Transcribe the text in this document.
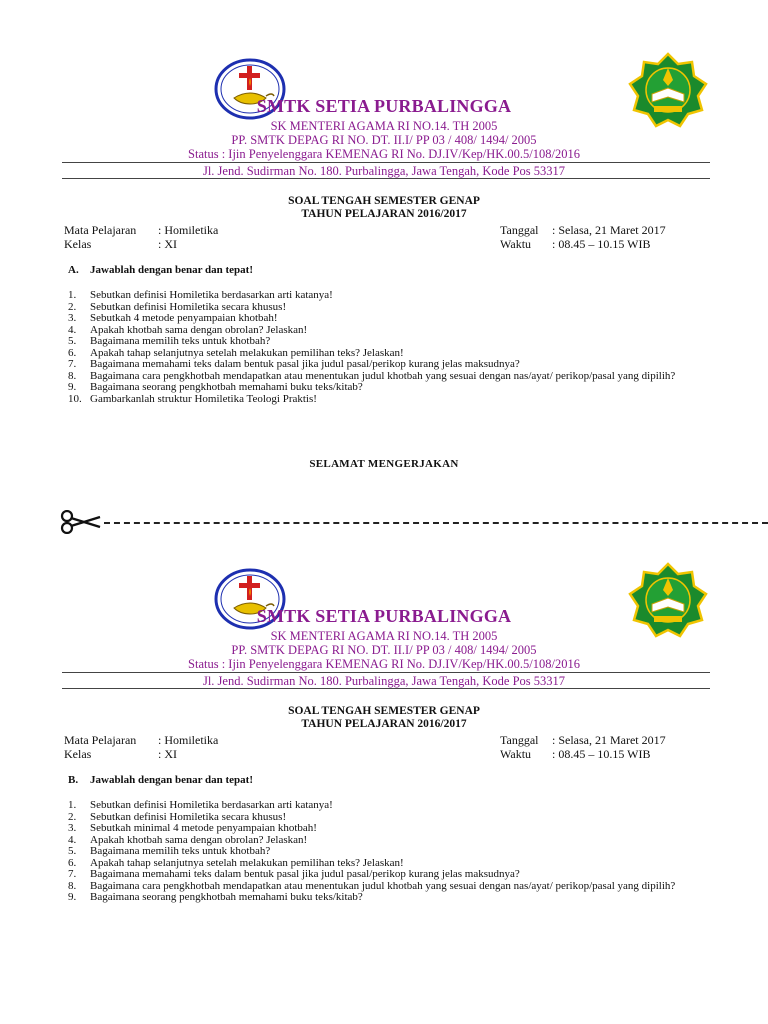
SMTK SETIA PURBALINGGA
SK MENTERI AGAMA RI NO.14. TH 2005
PP. SMTK DEPAG RI NO. DT. II.I/ PP 03 / 408/ 1494/ 2005
Status : Ijin Penyelenggara KEMENAG RI No. DJ.IV/Kep/HK.00.5/108/2016
Jl. Jend. Sudirman No. 180. Purbalingga, Jawa Tengah, Kode Pos 53317
SOAL TENGAH SEMESTER GENAP
TAHUN PELAJARAN 2016/2017
Mata Pelajaran : Homiletika
Kelas	: XI
Tanggal : Selasa, 21 Maret 2017
Waktu : 08.45 – 10.15 WIB
A. Jawablah dengan benar dan tepat!
1.	Sebutkan definisi Homiletika berdasarkan arti katanya!
2.	Sebutkan definisi Homiletika secara khusus!
3.	Sebutkah 4 metode penyampaian khotbah!
4.	Apakah khotbah sama dengan obrolan? Jelaskan!
5.	Bagaimana memilih teks untuk khotbah?
6.	Apakah tahap selanjutnya setelah melakukan pemilihan teks? Jelaskan!
7.	Bagaimana memahami teks dalam bentuk pasal jika judul pasal/perikop kurang jelas maksudnya?
8.	Bagaimana cara pengkhotbah mendapatkan atau menentukan judul khotbah yang sesuai dengan nas/ayat/ perikop/pasal yang dipilih?
9.	Bagaimana seorang pengkhotbah memahami buku teks/kitab?
10. Gambarkanlah struktur Homiletika Teologi Praktis!
SELAMAT MENGERJAKAN
SMTK SETIA PURBALINGGA
SK MENTERI AGAMA RI NO.14. TH 2005
PP. SMTK DEPAG RI NO. DT. II.I/ PP 03 / 408/ 1494/ 2005
Status : Ijin Penyelenggara KEMENAG RI No. DJ.IV/Kep/HK.00.5/108/2016
Jl. Jend. Sudirman No. 180. Purbalingga, Jawa Tengah, Kode Pos 53317
SOAL TENGAH SEMESTER GENAP
TAHUN PELAJARAN 2016/2017
Mata Pelajaran : Homiletika
Kelas	: XI
Tanggal : Selasa, 21 Maret 2017
Waktu : 08.45 – 10.15 WIB
B. Jawablah dengan benar dan tepat!
1.	Sebutkan definisi Homiletika berdasarkan arti katanya!
2.	Sebutkan definisi Homiletika secara khusus!
3.	Sebutkah minimal 4 metode penyampaian khotbah!
4.	Apakah khotbah sama dengan obrolan? Jelaskan!
5.	Bagaimana memilih teks untuk khotbah?
6.	Apakah tahap selanjutnya setelah melakukan pemilihan teks? Jelaskan!
7.	Bagaimana memahami teks dalam bentuk pasal jika judul pasal/perikop kurang jelas maksudnya?
8.	Bagaimana cara pengkhotbah mendapatkan atau menentukan judul khotbah yang sesuai dengan nas/ayat/ perikop/pasal yang dipilih?
9.	Bagaimana seorang pengkhotbah memahami buku teks/kitab?
